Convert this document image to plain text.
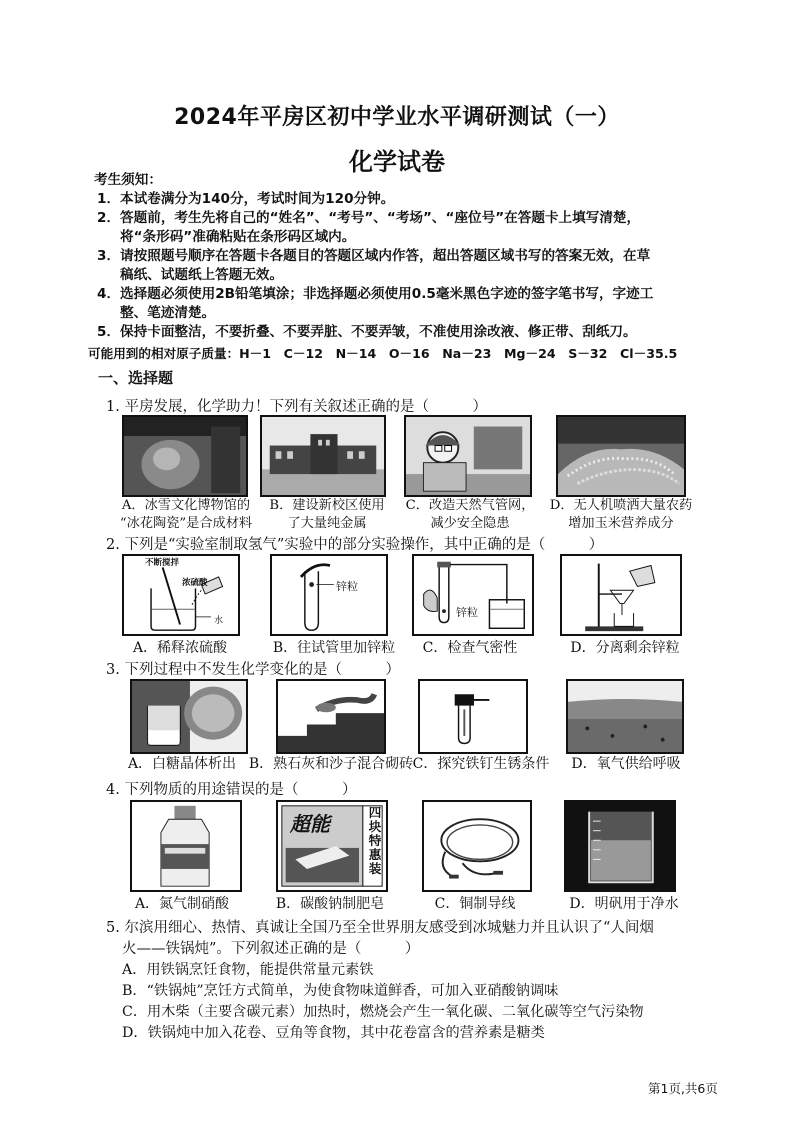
2024年平房区初中学业水平调研测试（一）
化学试卷
考生须知：
1．本试卷满分为140分，考试时间为120分钟。
2．答题前，考生先将自己的“姓名”、“考号”、“考场”、“座位号”在答题卡上填写清楚，
将“条形码”准确粘贴在条形码区域内。
3．请按照题号顺序在答题卡各题目的答题区域内作答，超出答题区域书写的答案无效，在草
稿纸、试题纸上答题无效。
4．选择题必须使用2B铅笔填涂；非选择题必须使用0.5毫米黑色字迹的签字笔书写，字迹工
整、笔迹清楚。
5．保持卡面整洁，不要折叠、不要弄脏、不要弄皱，不准使用涂改液、修正带、刮纸刀。
可能用到的相对原子质量：H－1　C－12　N－14　O－16　Na－23　Mg－24　S－32　Cl－35.5
一、选择题
1. 平房发展，化学助力！下列有关叙述正确的是（　　　）
A．冰雪文化博物馆的
“冰花陶瓷”是合成材料
B．建设新校区使用
了大量纯金属
C．改造天然气管网，
减少安全隐患
D．无人机喷洒大量农药
增加玉米营养成分
2. 下列是“实验室制取氢气”实验中的部分实验操作，其中正确的是（　　　）
不断搅拌
浓硫酸
水
锌粒
锌粒
A．稀释浓硫酸	B．往试管里加锌粒	C．检查气密性	D．分离剩余锌粒
3. 下列过程中不发生化学变化的是（　　　）
A．白糖晶体析出 B．熟石灰和沙子混合砌砖 C．探究铁钉生锈条件	D．氧气供给呼吸
4. 下列物质的用途错误的是（　　　）
超能	四块特惠装
A．氮气制硝酸	B．碳酸钠制肥皂	C．铜制导线	D．明矾用于净水
5. 尔滨用细心、热情、真诚让全国乃至全世界朋友感受到冰城魅力并且认识了“人间烟
火——铁锅炖”。下列叙述正确的是（　　　）
A．用铁锅烹饪食物，能提供常量元素铁
B．“铁锅炖”烹饪方式简单，为使食物味道鲜香，可加入亚硝酸钠调味
C．用木柴（主要含碳元素）加热时，燃烧会产生一氧化碳、二氧化碳等空气污染物
D．铁锅炖中加入花卷、豆角等食物，其中花卷富含的营养素是糖类
第1页,共6页
